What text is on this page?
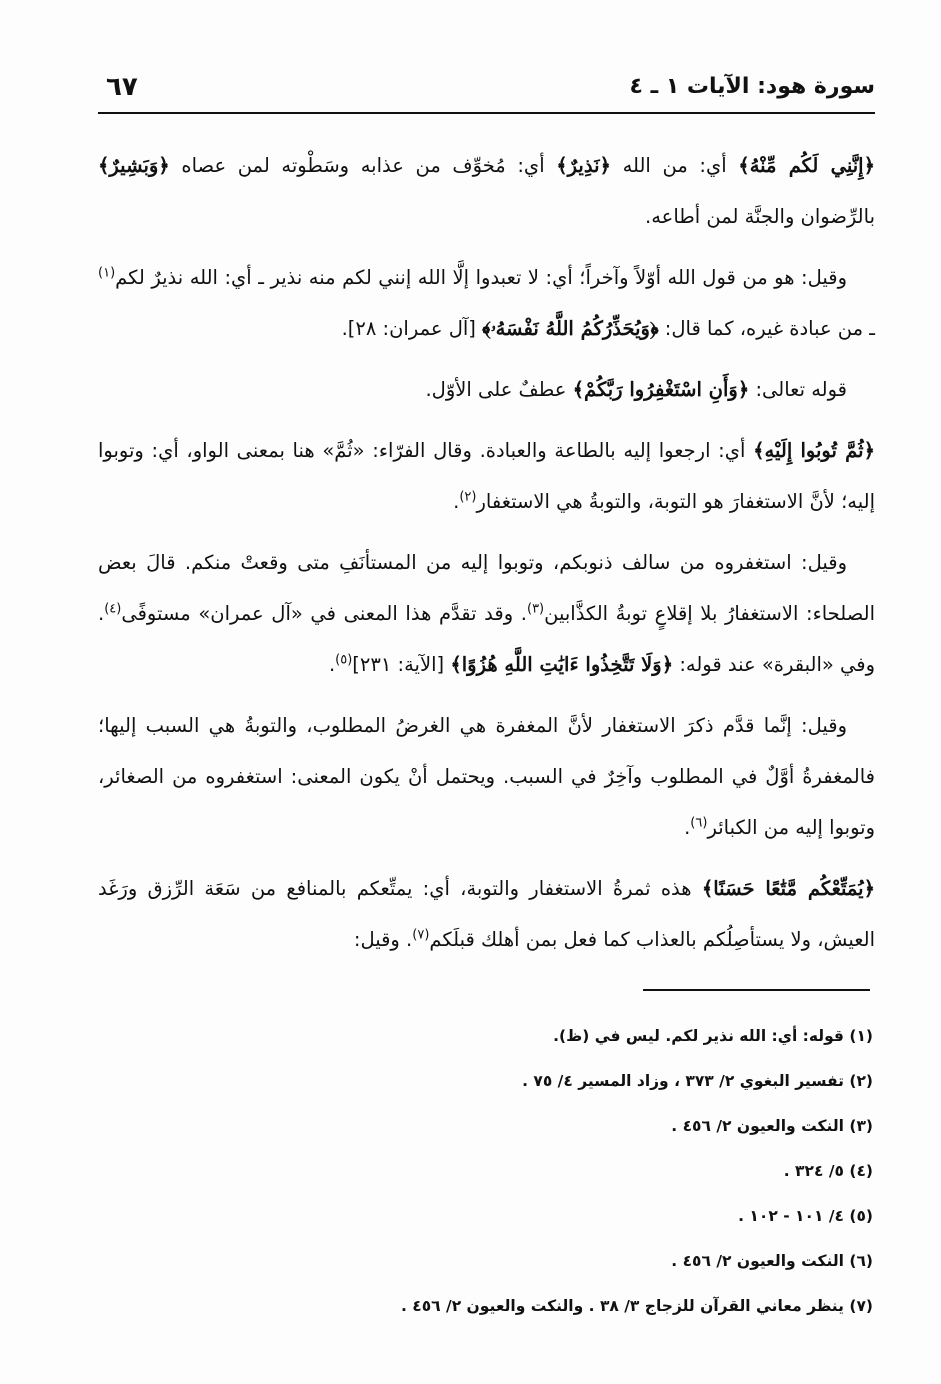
سورة هود: الآيات ١ ـ ٤
٦٧

﴿إِنَّنِي لَكُم مِّنْهُ﴾ أي: من الله ﴿نَذِيرٌ﴾ أي: مُخوِّف من عذابه وسَطْوته لمن عصاه ﴿وَبَشِيرٌ﴾ بالرِّضوان والجنَّة لمن أطاعه.

وقيل: هو من قول الله أوّلاً وآخراً؛ أي: لا تعبدوا إلَّا الله إنني لكم منه نذير ـ أي: الله نذيرٌ لكم$^{(١)}$ ـ من عبادة غيره، كما قال: ﴿وَيُحَذِّرُكُمُ اللَّهُ نَفْسَهُۥ﴾ [آل عمران: ٢٨].

قوله تعالى: ﴿وَأَنِ اسْتَغْفِرُوا رَبَّكُمْ﴾ عطفٌ على الأوّل.

﴿ثُمَّ تُوبُوا إِلَيْهِ﴾ أي: ارجعوا إليه بالطاعة والعبادة. وقال الفرّاء: «ثُمَّ» هنا بمعنى الواو، أي: وتوبوا إليه؛ لأنَّ الاستغفارَ هو التوبة، والتوبةُ هي الاستغفار$^{(٢)}$.

وقيل: استغفروه من سالف ذنوبكم، وتوبوا إليه من المستأنَفِ متى وقعتْ منكم. قالَ بعض الصلحاء: الاستغفارُ بلا إقلاعٍ توبةُ الكذَّابين$^{(٣)}$. وقد تقدَّم هذا المعنى في «آل عمران» مستوفًى$^{(٤)}$. وفي «البقرة» عند قوله: ﴿وَلَا تَتَّخِذُوا ءَايَٰتِ اللَّهِ هُزُوًا﴾ [الآية: ٢٣١]$^{(٥)}$.

وقيل: إنَّما قدَّم ذكرَ الاستغفار لأنَّ المغفرة هي الغرضُ المطلوب، والتوبةُ هي السبب إليها؛ فالمغفرةُ أوَّلٌ في المطلوب وآخِرٌ في السبب. ويحتمل أنْ يكون المعنى: استغفروه من الصغائر، وتوبوا إليه من الكبائر$^{(٦)}$.

﴿يُمَتِّعْكُم مَّتَٰعًا حَسَنًا﴾ هذه ثمرةُ الاستغفار والتوبة، أي: يمتِّعكم بالمنافع من سَعَة الرِّزق ورَغَد العيش، ولا يستأصِلُكم بالعذاب كما فعل بمن أهلك قبلَكم$^{(٧)}$. وقيل:

(١) قوله: أي: الله نذير لكم. ليس في (ظ).
(٢) تفسير البغوي ٢/ ٣٧٣ ، وزاد المسير ٤/ ٧٥ .
(٣) النكت والعيون ٢/ ٤٥٦ .
(٤) ٥/ ٣٢٤ .
(٥) ٤/ ١٠١ - ١٠٢ .
(٦) النكت والعيون ٢/ ٤٥٦ .
(٧) ينظر معاني القرآن للزجاج ٣/ ٣٨ . والنكت والعيون ٢/ ٤٥٦ .
